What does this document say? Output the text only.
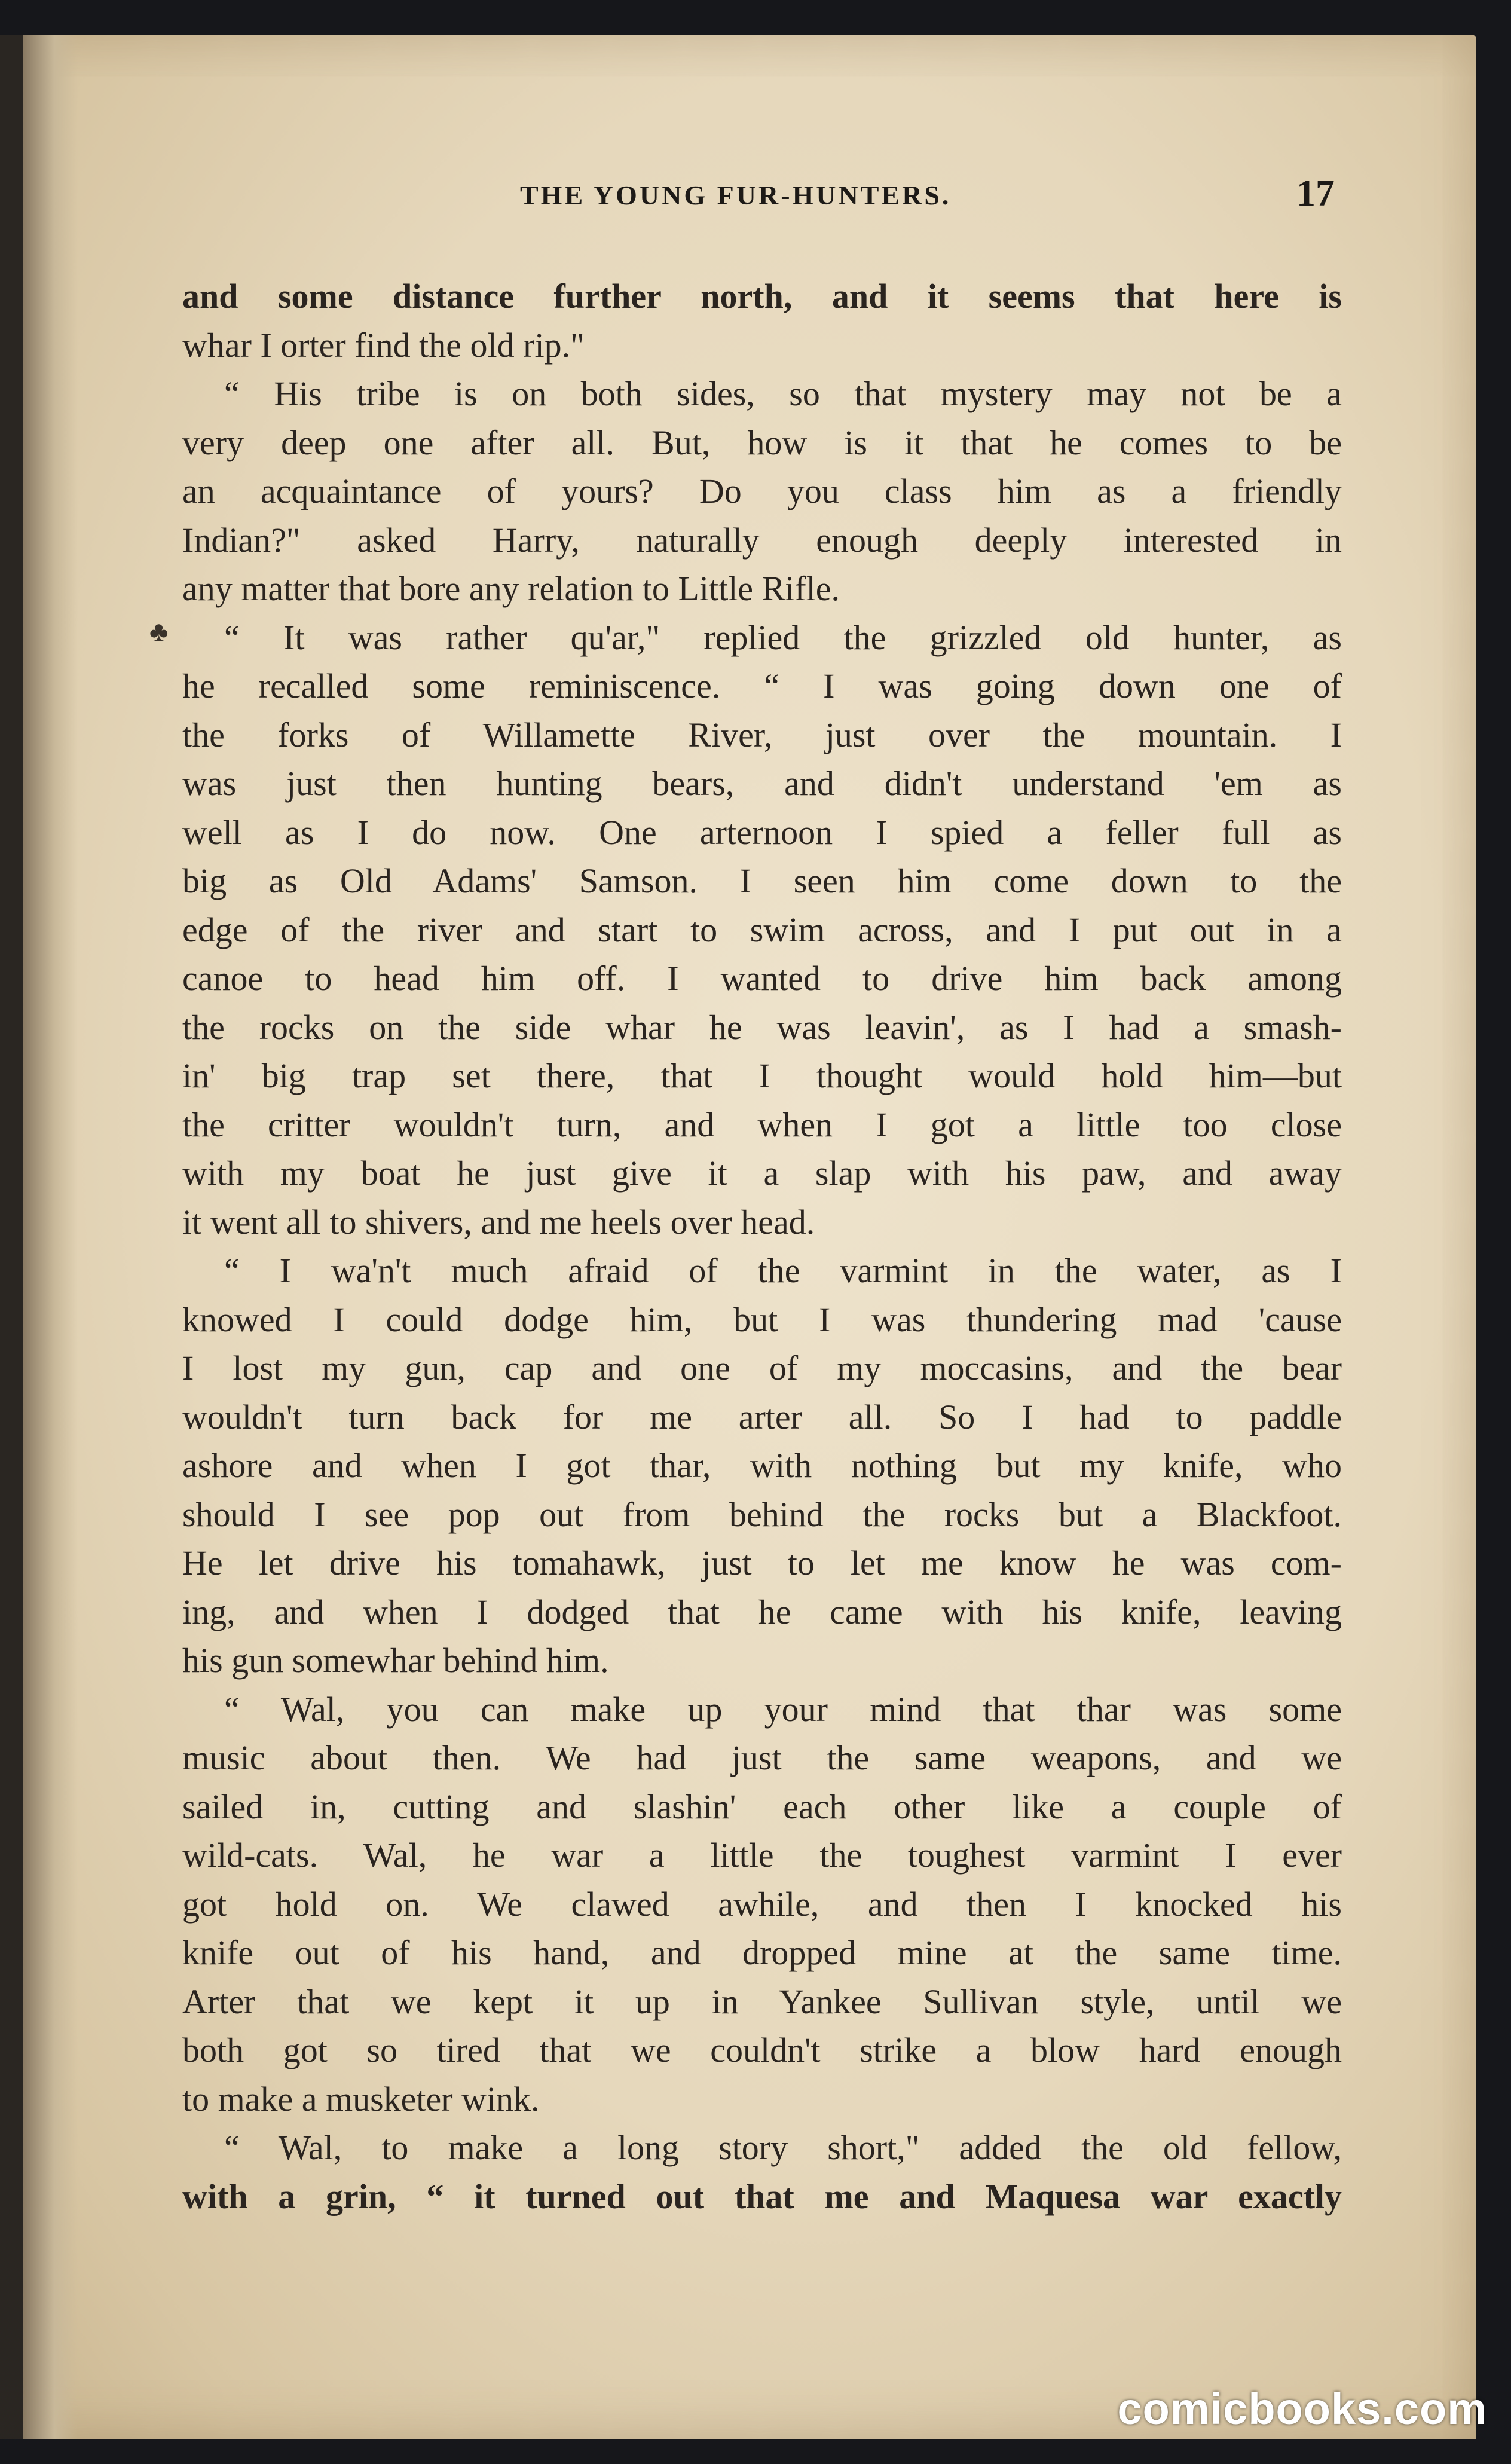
THE YOUNG FUR-HUNTERS.	17
♣
and some distance further north, and it seems that here is
whar I orter find the old rip."
“ His tribe is on both sides, so that mystery may not be a
very deep one after all. But, how is it that he comes to be
an acquaintance of yours? Do you class him as a friendly
Indian?" asked Harry, naturally enough deeply interested in
any matter that bore any relation to Little Rifle.
“ It was rather qu'ar," replied the grizzled old hunter, as
he recalled some reminiscence. “ I was going down one of
the forks of Willamette River, just over the mountain. I
was just then hunting bears, and didn't understand 'em as
well as I do now. One arternoon I spied a feller full as
big as Old Adams' Samson. I seen him come down to the
edge of the river and start to swim across, and I put out in a
canoe to head him off. I wanted to drive him back among
the rocks on the side whar he was leavin', as I had a smash-
in' big trap set there, that I thought would hold him—but
the critter wouldn't turn, and when I got a little too close
with my boat he just give it a slap with his paw, and away
it went all to shivers, and me heels over head.
“ I wa'n't much afraid of the varmint in the water, as I
knowed I could dodge him, but I was thundering mad 'cause
I lost my gun, cap and one of my moccasins, and the bear
wouldn't turn back for me arter all. So I had to paddle
ashore and when I got thar, with nothing but my knife, who
should I see pop out from behind the rocks but a Blackfoot.
He let drive his tomahawk, just to let me know he was com-
ing, and when I dodged that he came with his knife, leaving
his gun somewhar behind him.
“ Wal, you can make up your mind that thar was some
music about then. We had just the same weapons, and we
sailed in, cutting and slashin' each other like a couple of
wild-cats. Wal, he war a little the toughest varmint I ever
got hold on. We clawed awhile, and then I knocked his
knife out of his hand, and dropped mine at the same time.
Arter that we kept it up in Yankee Sullivan style, until we
both got so tired that we couldn't strike a blow hard enough
to make a musketer wink.
“ Wal, to make a long story short," added the old fellow,
with a grin, “ it turned out that me and Maquesa war exactly
comicbooks.com
